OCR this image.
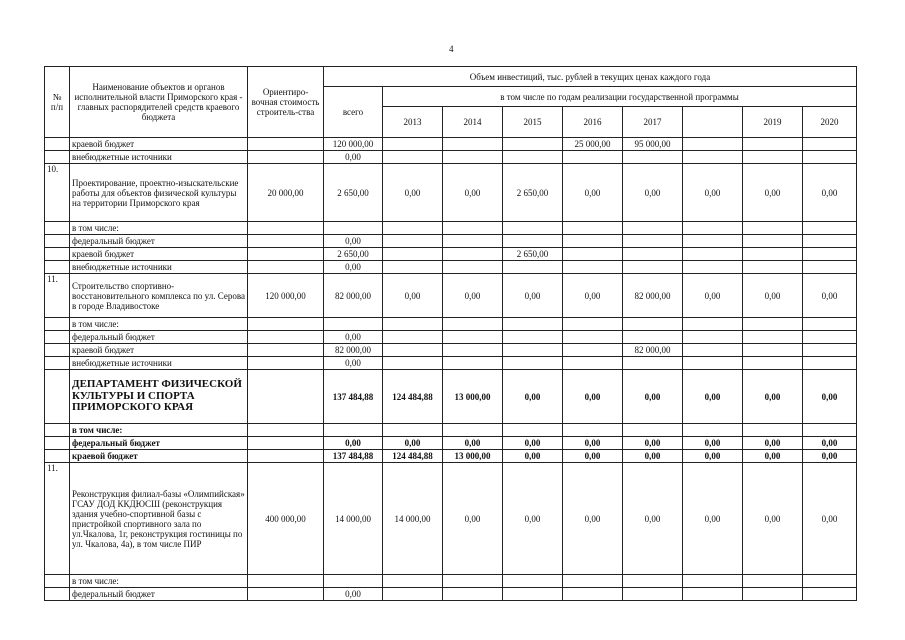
4
№
п/п	Наименование объектов и органов исполнительной власти Приморского края - главных распорядителей средств краевого бюджета	Ориентиро-вочная стоимость строитель-ства	Объем инвестиций, тыс. рублей в текущих ценах каждого года								
			всего	в том числе по годам реализации государственной программы							
				2013	2014	2015	2016	2017		2019	2020
	краевой бюджет		120 000,00				25 000,00	95 000,00			
	внебюджетные источники		0,00								
10.	Проектирование, проектно-изыскательские работы для объектов физической культуры на территории Приморского края	20 000,00	2 650,00	0,00	0,00	2 650,00	0,00	0,00	0,00	0,00	0,00
	в том числе:										
	федеральный бюджет		0,00								
	краевой бюджет		2 650,00			2 650,00					
	внебюджетные источники		0,00								
11.	Строительство спортивно-восстановительного комплекса по ул. Серова в городе Владивостоке	120 000,00	82 000,00	0,00	0,00	0,00	0,00	82 000,00	0,00	0,00	0,00
	в том числе:										
	федеральный бюджет		0,00								
	краевой бюджет		82 000,00					82 000,00			
	внебюджетные источники		0,00								
	ДЕПАРТАМЕНТ ФИЗИЧЕСКОЙ КУЛЬТУРЫ И СПОРТА ПРИМОРСКОГО КРАЯ		137 484,88	124 484,88	13 000,00	0,00	0,00	0,00	0,00	0,00	0,00
	в том числе:										
	федеральный бюджет		0,00	0,00	0,00	0,00	0,00	0,00	0,00	0,00	0,00
	краевой бюджет		137 484,88	124 484,88	13 000,00	0,00	0,00	0,00	0,00	0,00	0,00
11.	Реконструкция филиал-базы «Олимпийская» ГСАУ ДОД ККДЮСШ (реконструкция здания учебно-спортивной базы с пристройкой спортивного зала по ул.Чкалова, 1г, реконструкция гостиницы по ул. Чкалова, 4а), в том числе ПИР	400 000,00	14 000,00	14 000,00	0,00	0,00	0,00	0,00	0,00	0,00	0,00
	в том числе:										
	федеральный бюджет		0,00								
